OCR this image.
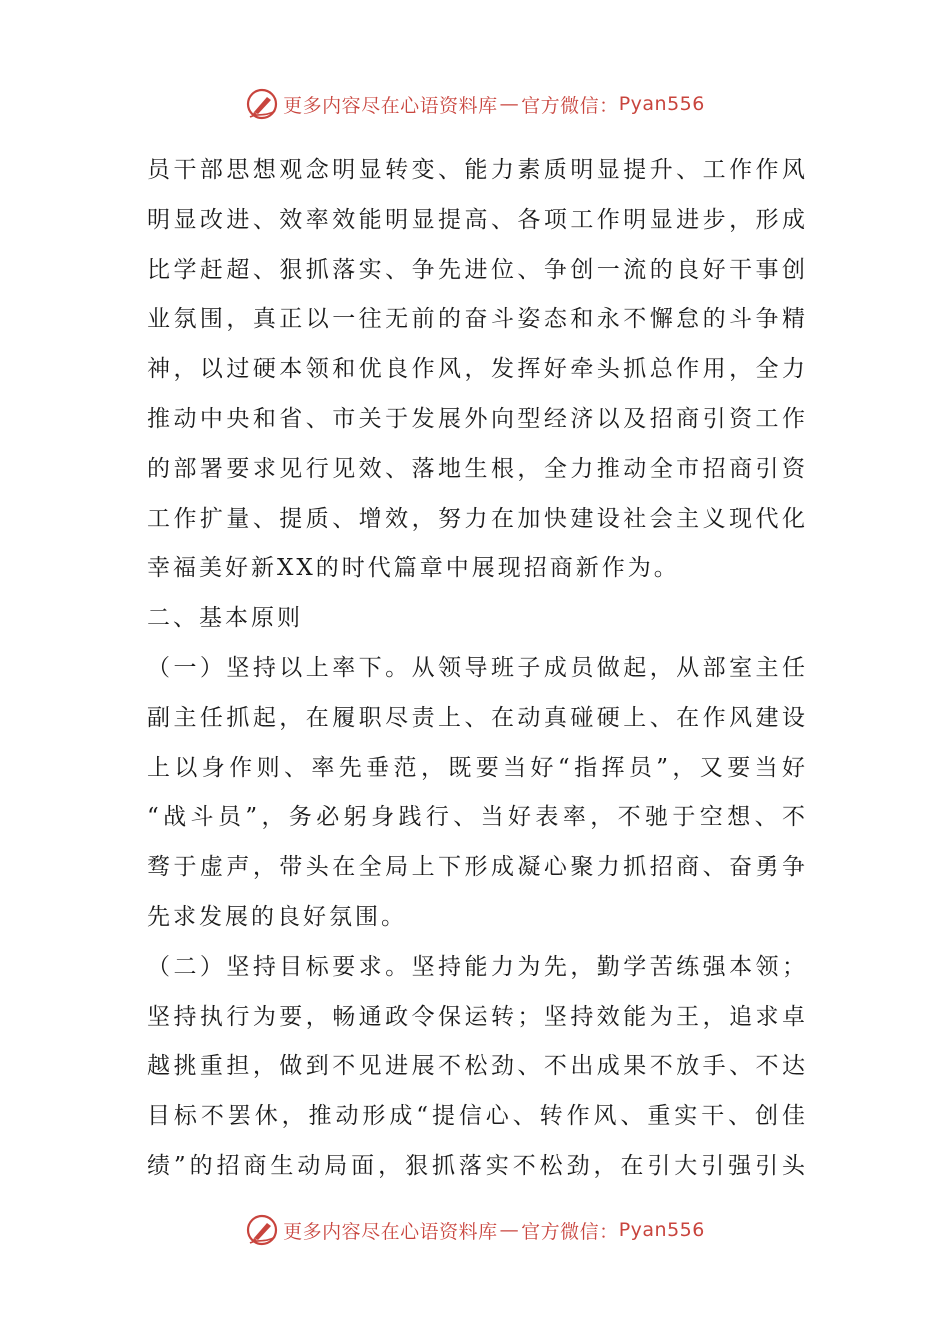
更多内容尽在心语资料库 — 官方微信： Pyan556
员干部思想观念明显转变、能力素质明显提升、工作作风
明显改进、效率效能明显提高、各项工作明显进步，形成
比学赶超、狠抓落实、争先进位、争创一流的良好干事创
业氛围，真正以一往无前的奋斗姿态和永不懈怠的斗争精
神，以过硬本领和优良作风，发挥好牵头抓总作用，全力
推动中央和省、市关于发展外向型经济以及招商引资工作
的部署要求见行见效、落地生根，全力推动全市招商引资
工作扩量、提质、增效，努力在加快建设社会主义现代化
幸福美好新XX的时代篇章中展现招商新作为。
二、基本原则
（一）坚持以上率下。从领导班子成员做起，从部室主任
副主任抓起，在履职尽责上、在动真碰硬上、在作风建设
上以身作则、率先垂范，既要当好“指挥员”，又要当好
“战斗员”，务必躬身践行、当好表率，不驰于空想、不
骛于虚声，带头在全局上下形成凝心聚力抓招商、奋勇争
先求发展的良好氛围。
（二）坚持目标要求。坚持能力为先，勤学苦练强本领；
坚持执行为要，畅通政令保运转；坚持效能为王，追求卓
越挑重担，做到不见进展不松劲、不出成果不放手、不达
目标不罢休，推动形成“提信心、转作风、重实干、创佳
绩”的招商生动局面，狠抓落实不松劲，在引大引强引头
更多内容尽在心语资料库 — 官方微信： Pyan556
